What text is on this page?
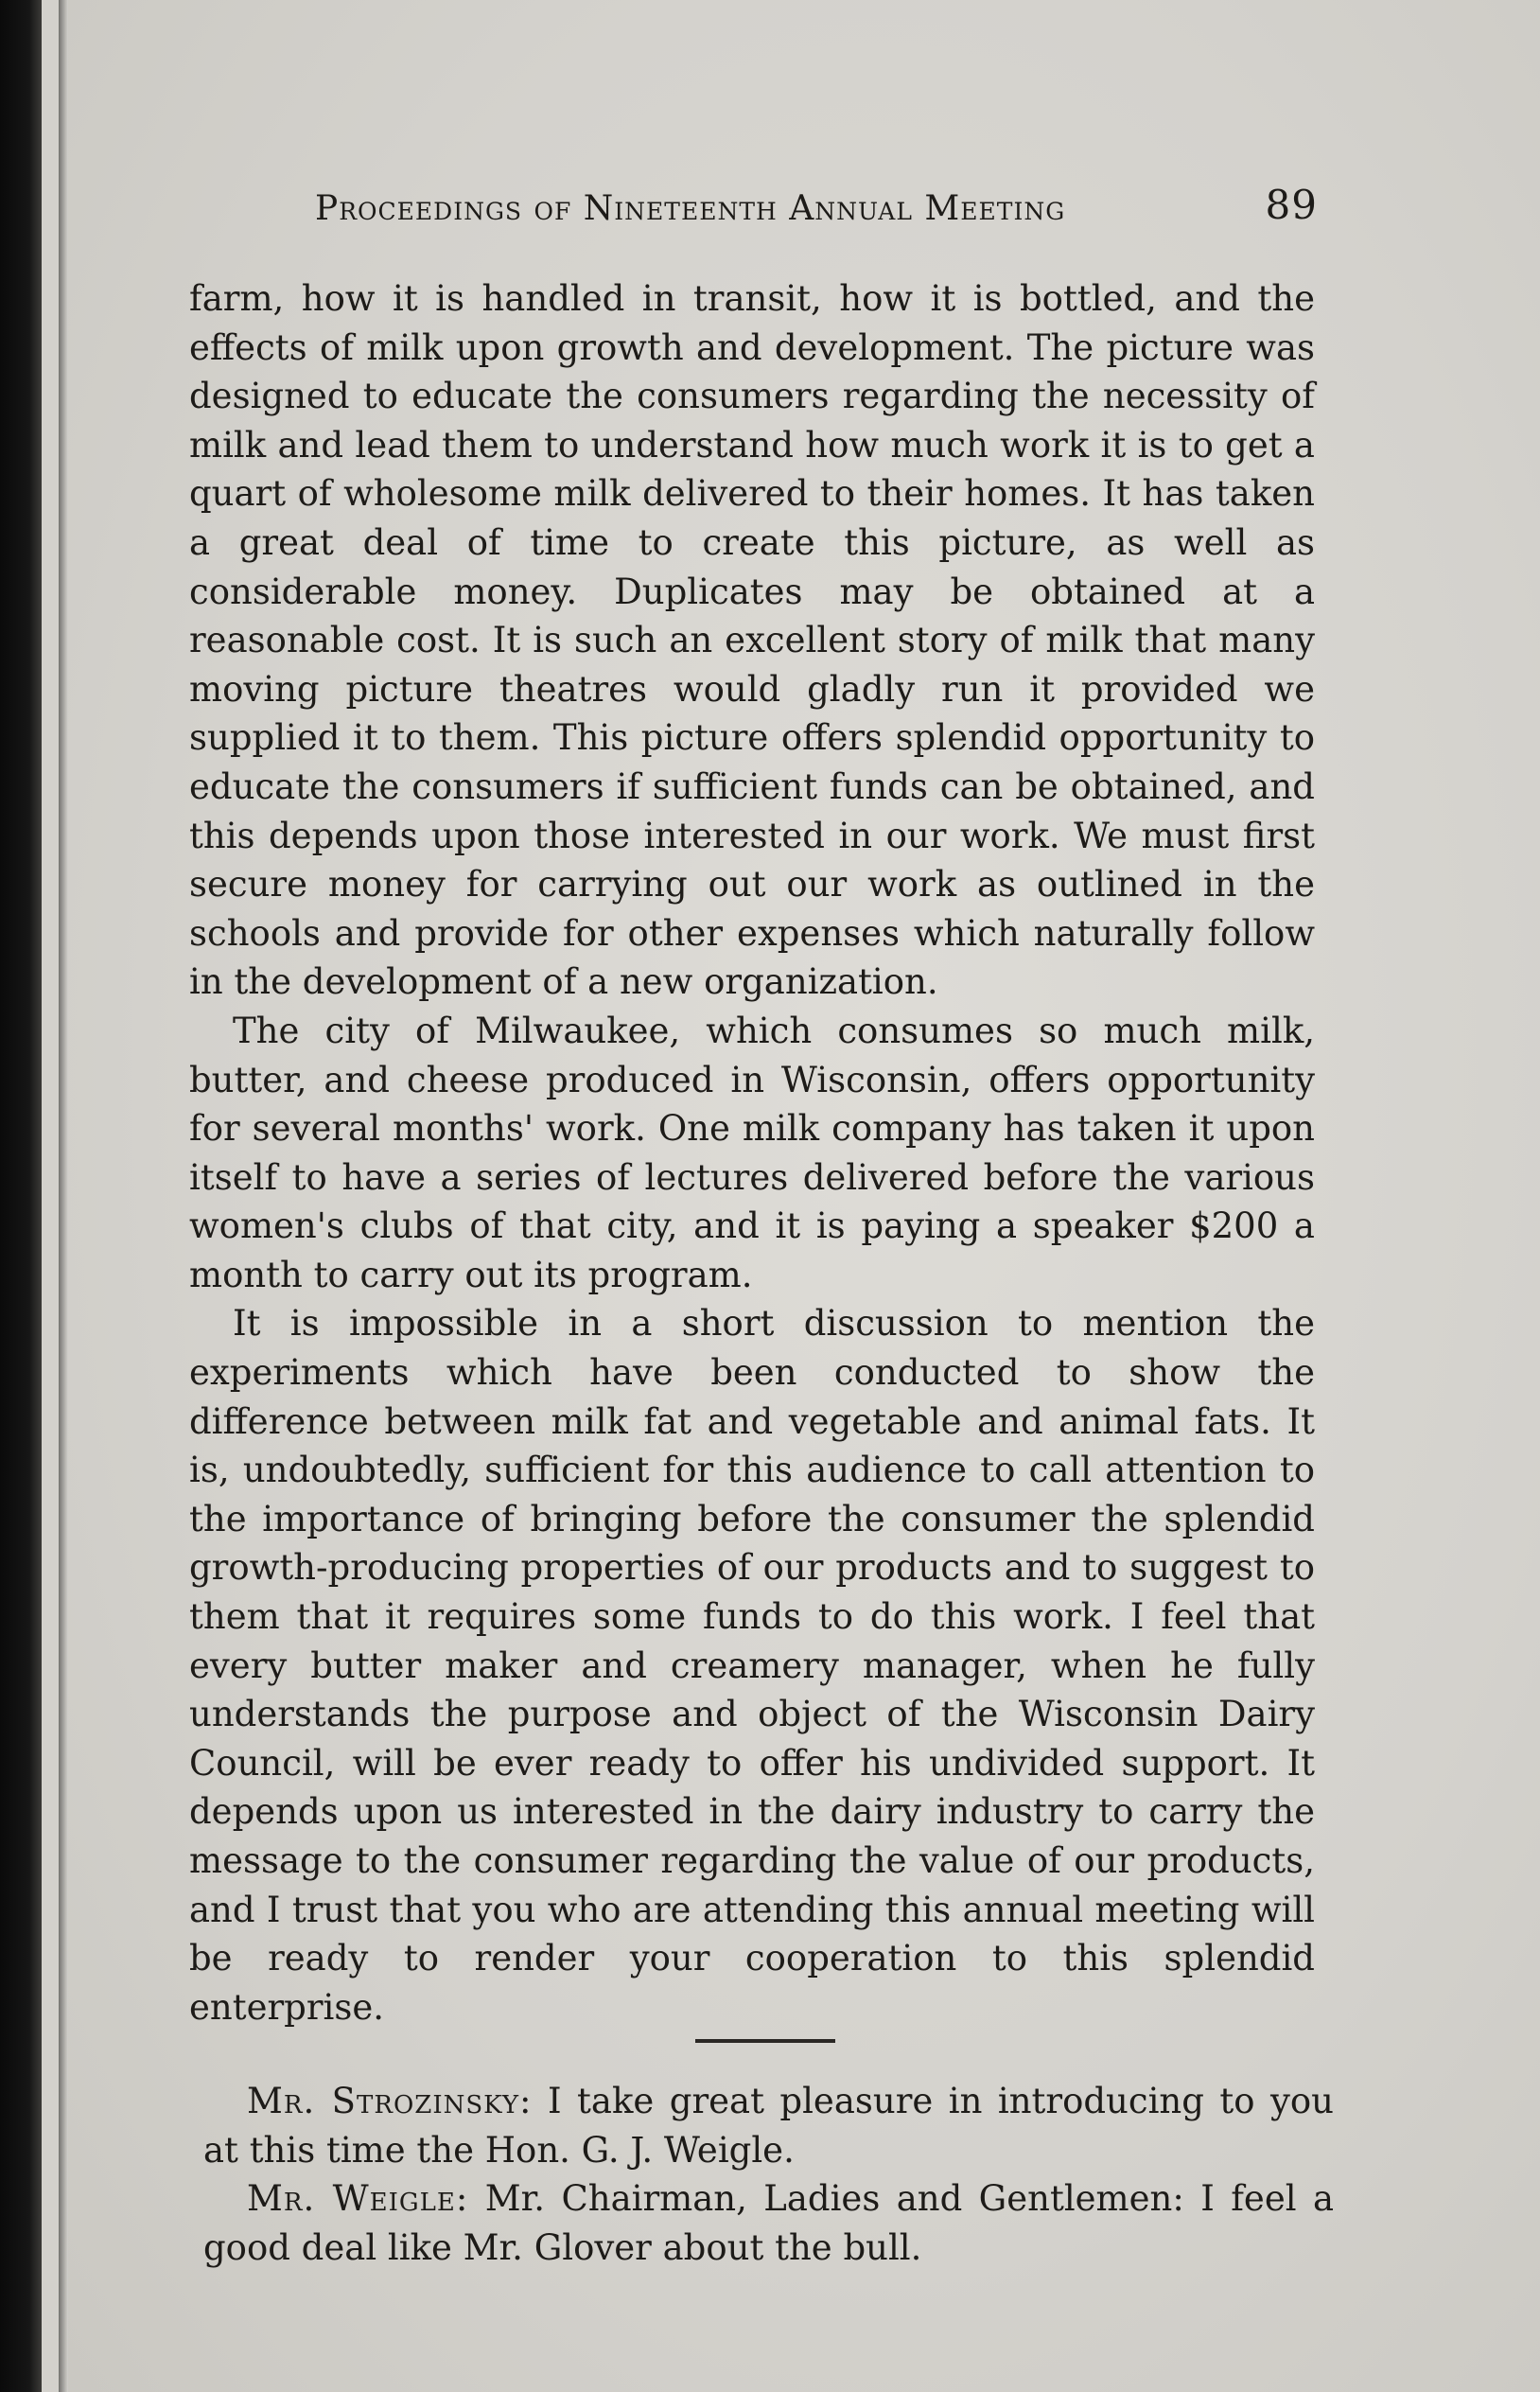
Proceedings of Nineteenth Annual Meeting	89

farm, how it is handled in transit, how it is bottled, and the effects of milk upon growth and development. The picture was designed to educate the consumers regarding the necessity of milk and lead them to understand how much work it is to get a quart of wholesome milk delivered to their homes. It has taken a great deal of time to create this picture, as well as considerable money. Duplicates may be obtained at a reasonable cost. It is such an excellent story of milk that many moving picture theatres would gladly run it provided we supplied it to them. This picture offers splendid opportunity to educate the consumers if sufficient funds can be obtained, and this depends upon those interested in our work. We must first secure money for carrying out our work as outlined in the schools and provide for other expenses which naturally follow in the development of a new organization.

The city of Milwaukee, which consumes so much milk, butter, and cheese produced in Wisconsin, offers opportunity for several months' work. One milk company has taken it upon itself to have a series of lectures delivered before the various women's clubs of that city, and it is paying a speaker $200 a month to carry out its program.

It is impossible in a short discussion to mention the experiments which have been conducted to show the difference between milk fat and vegetable and animal fats. It is, undoubtedly, sufficient for this audience to call attention to the importance of bringing before the consumer the splendid growth-producing properties of our products and to suggest to them that it requires some funds to do this work. I feel that every butter maker and creamery manager, when he fully understands the purpose and object of the Wisconsin Dairy Council, will be ever ready to offer his undivided support. It depends upon us interested in the dairy industry to carry the message to the consumer regarding the value of our products, and I trust that you who are attending this annual meeting will be ready to render your cooperation to this splendid enterprise.

Mr. Strozinsky: I take great pleasure in introducing to you at this time the Hon. G. J. Weigle.

Mr. Weigle: Mr. Chairman, Ladies and Gentlemen: I feel a good deal like Mr. Glover about the bull.
